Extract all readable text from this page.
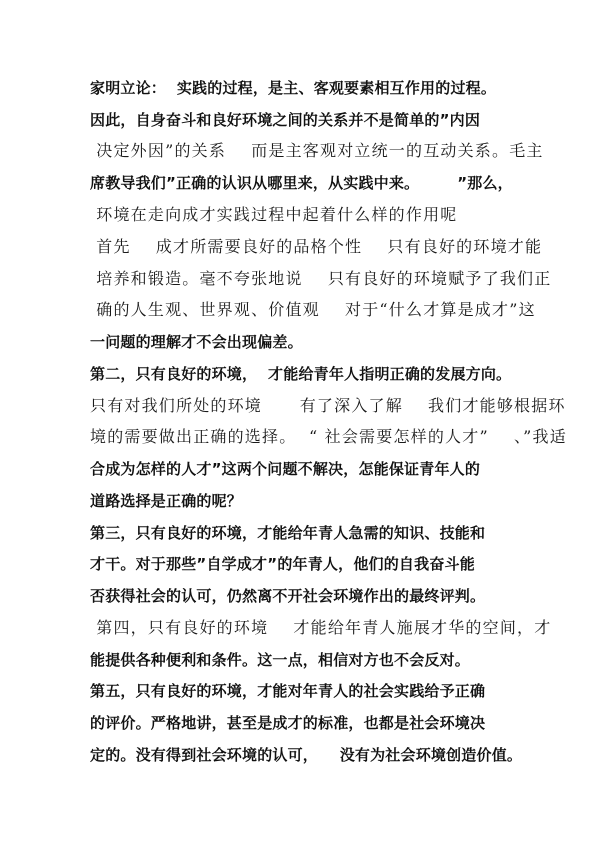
家明立论：  实践的过程，是主、客观要素相互作用的过程。
因此，自身奋斗和良好环境之间的关系并不是简单的”内因
决定外因”的关系    而是主客观对立统一的互动关系。毛主
席教导我们”正确的认识从哪里来，从实践中来。       ”那么，
环境在走向成才实践过程中起着什么样的作用呢
首先    成才所需要良好的品格个性    只有良好的环境才能
培养和锻造。毫不夸张地说    只有良好的环境赋予了我们正
确的人生观、世界观、价值观    对于“什么才算是成才”这
一问题的理解才不会出现偏差。
第二，只有良好的环境，  才能给青年人指明正确的发展方向。
只有对我们所处的环境      有了深入了解    我们才能够根据环
境的需要做出正确的选择。  “ 社会需要怎样的人才”    、”我适
合成为怎样的人才”这两个问题不解决，怎能保证青年人的
道路选择是正确的呢？
第三，只有良好的环境，才能给年青人急需的知识、技能和
才干。对于那些”自学成才”的年青人，他们的自我奋斗能
否获得社会的认可，仍然离不开社会环境作出的最终评判。
第四，只有良好的环境    才能给年青人施展才华的空间，才
能提供各种便利和条件。这一点，相信对方也不会反对。
第五，只有良好的环境，才能对年青人的社会实践给予正确
的评价。严格地讲，甚至是成才的标准，也都是社会环境决
定的。没有得到社会环境的认可，    没有为社会环境创造价值。
